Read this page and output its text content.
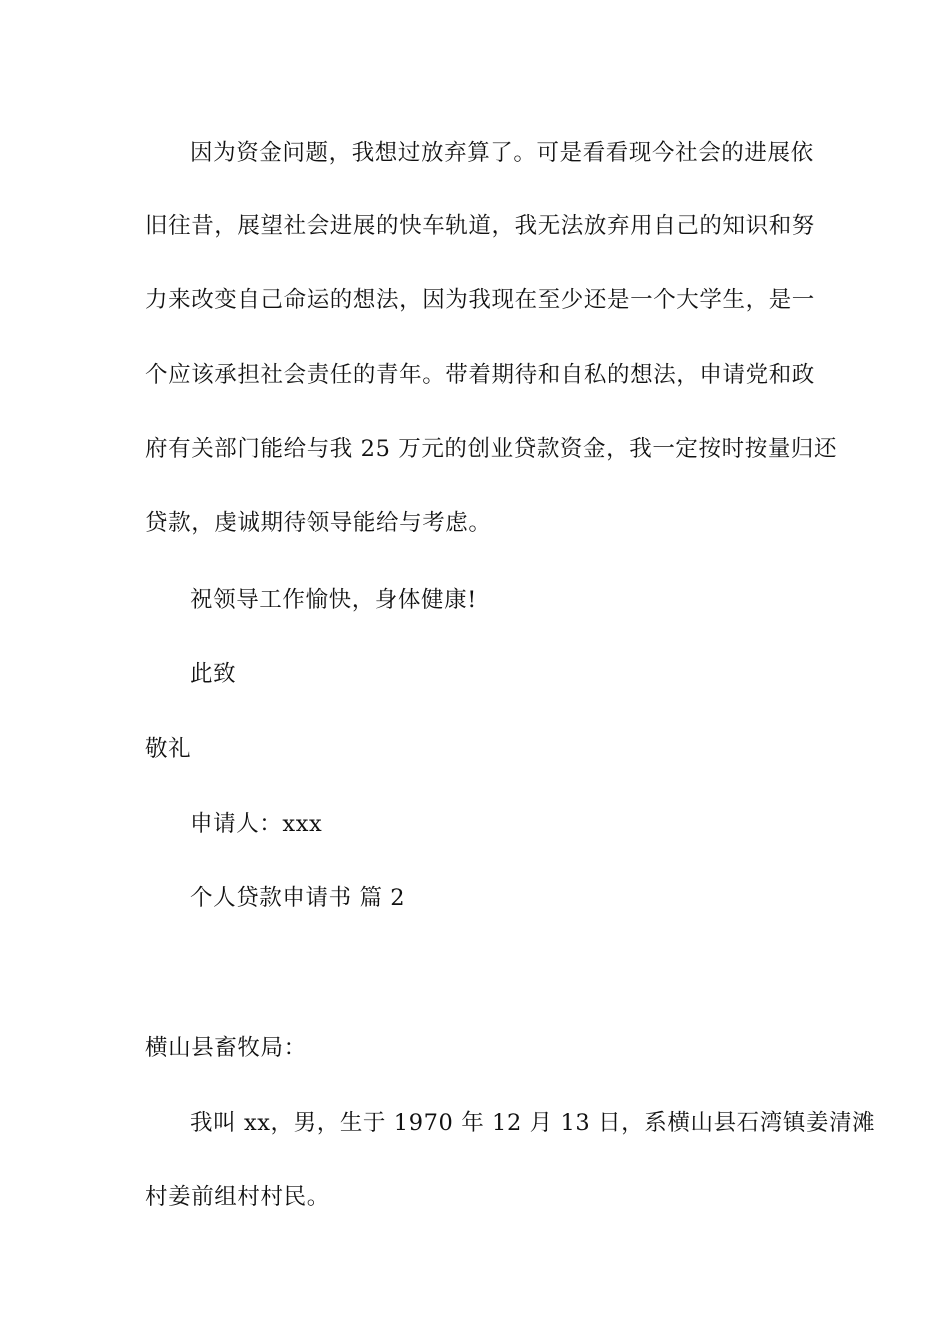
因为资金问题，我想过放弃算了。可是看看现今社会的进展依
旧往昔，展望社会进展的快车轨道，我无法放弃用自己的知识和努
力来改变自己命运的想法，因为我现在至少还是一个大学生，是一
个应该承担社会责任的青年。带着期待和自私的想法，申请党和政
府有关部门能给与我 25 万元的创业贷款资金，我一定按时按量归还
贷款，虔诚期待领导能给与考虑。
祝领导工作愉快，身体健康!
此致
敬礼
申请人：xxx
个人贷款申请书 篇 2
横山县畜牧局：
我叫 xx，男，生于 1970 年 12 月 13 日，系横山县石湾镇姜清滩
村姜前组村村民。
